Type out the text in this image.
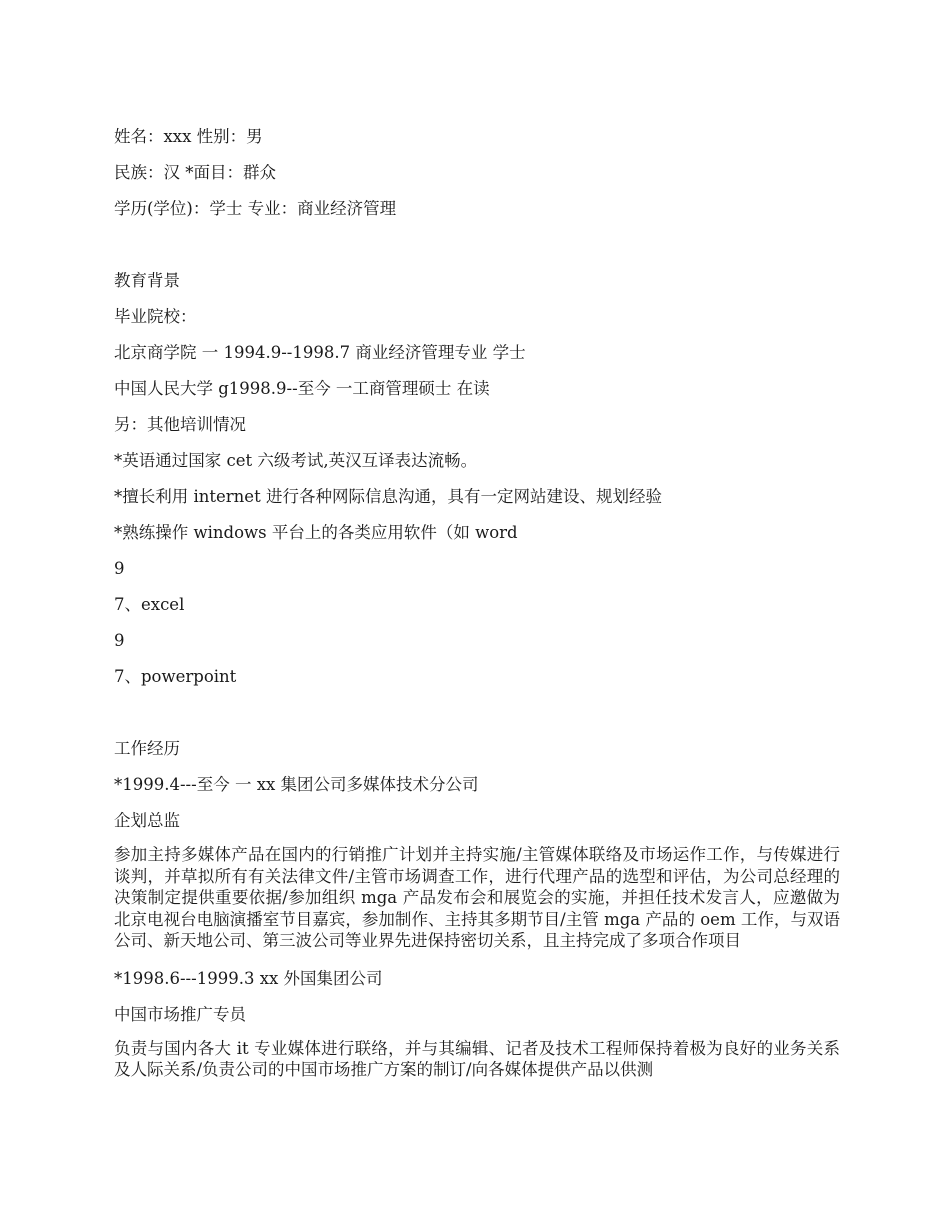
姓名：xxx 性别：男
民族：汉 *面目：群众
学历(学位)：学士 专业：商业经济管理
教育背景
毕业院校：
北京商学院 一 1994.9--1998.7 商业经济管理专业 学士
中国人民大学 g1998.9--至今 一工商管理硕士 在读
另：其他培训情况
*英语通过国家 cet 六级考试,英汉互译表达流畅。
*擅长利用 internet 进行各种网际信息沟通，具有一定网站建设、规划经验
*熟练操作 windows 平台上的各类应用软件（如 word
9
7、excel
9
7、powerpoint
工作经历
*1999.4---至今 一 xx 集团公司多媒体技术分公司
企划总监
参加主持多媒体产品在国内的行销推广计划并主持实施/主管媒体联络及市场运作工作，与传媒进行谈判，并草拟所有有关法律文件/主管市场调查工作，进行代理产品的选型和评估，为公司总经理的决策制定提供重要依据/参加组织 mga 产品发布会和展览会的实施，并担任技术发言人，应邀做为北京电视台电脑演播室节目嘉宾，参加制作、主持其多期节目/主管 mga 产品的 oem 工作，与双语公司、新天地公司、第三波公司等业界先进保持密切关系，且主持完成了多项合作项目
*1998.6---1999.3 xx 外国集团公司
中国市场推广专员
负责与国内各大 it 专业媒体进行联络，并与其编辑、记者及技术工程师保持着极为良好的业务关系及人际关系/负责公司的中国市场推广方案的制订/向各媒体提供产品以供测
